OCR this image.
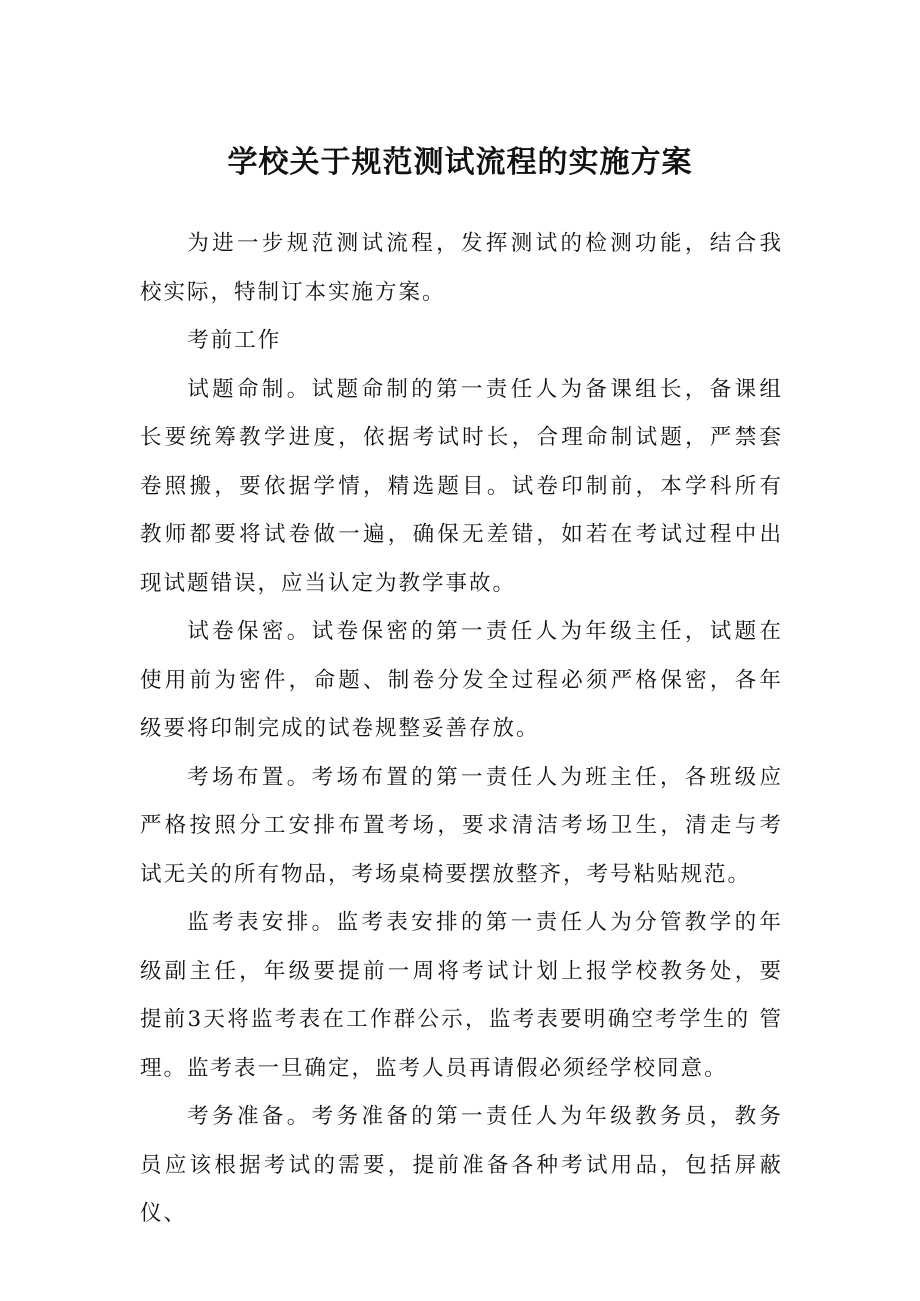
学校关于规范测试流程的实施方案

为进一步规范测试流程，发挥测试的检测功能，结合我 校实际，特制订本实施方案。

考前工作

试题命制。试题命制的第一责任人为备课组长，备课组 长要统筹教学进度，依据考试时长，合理命制试题，严禁套 卷照搬，要依据学情，精选题目。试卷印制前，本学科所有 教师都要将试卷做一遍，确保无差错，如若在考试过程中出 现试题错误，应当认定为教学事故。

试卷保密。试卷保密的第一责任人为年级主任，试题在 使用前为密件，命题、制卷分发全过程必须严格保密，各年 级要将印制完成的试卷规整妥善存放。

考场布置。考场布置的第一责任人为班主任，各班级应 严格按照分工安排布置考场，要求清洁考场卫生，清走与考 试无关的所有物品，考场桌椅要摆放整齐，考号粘贴规范。

监考表安排。监考表安排的第一责任人为分管教学的年 级副主任，年级要提前一周将考试计划上报学校教务处，要 提前3天将监考表在工作群公示，监考表要明确空考学生的 管理。监考表一旦确定，监考人员再请假必须经学校同意。

考务准备。考务准备的第一责任人为年级教务员，教务 员应该根据考试的需要，提前准备各种考试用品，包括屏蔽 仪、
